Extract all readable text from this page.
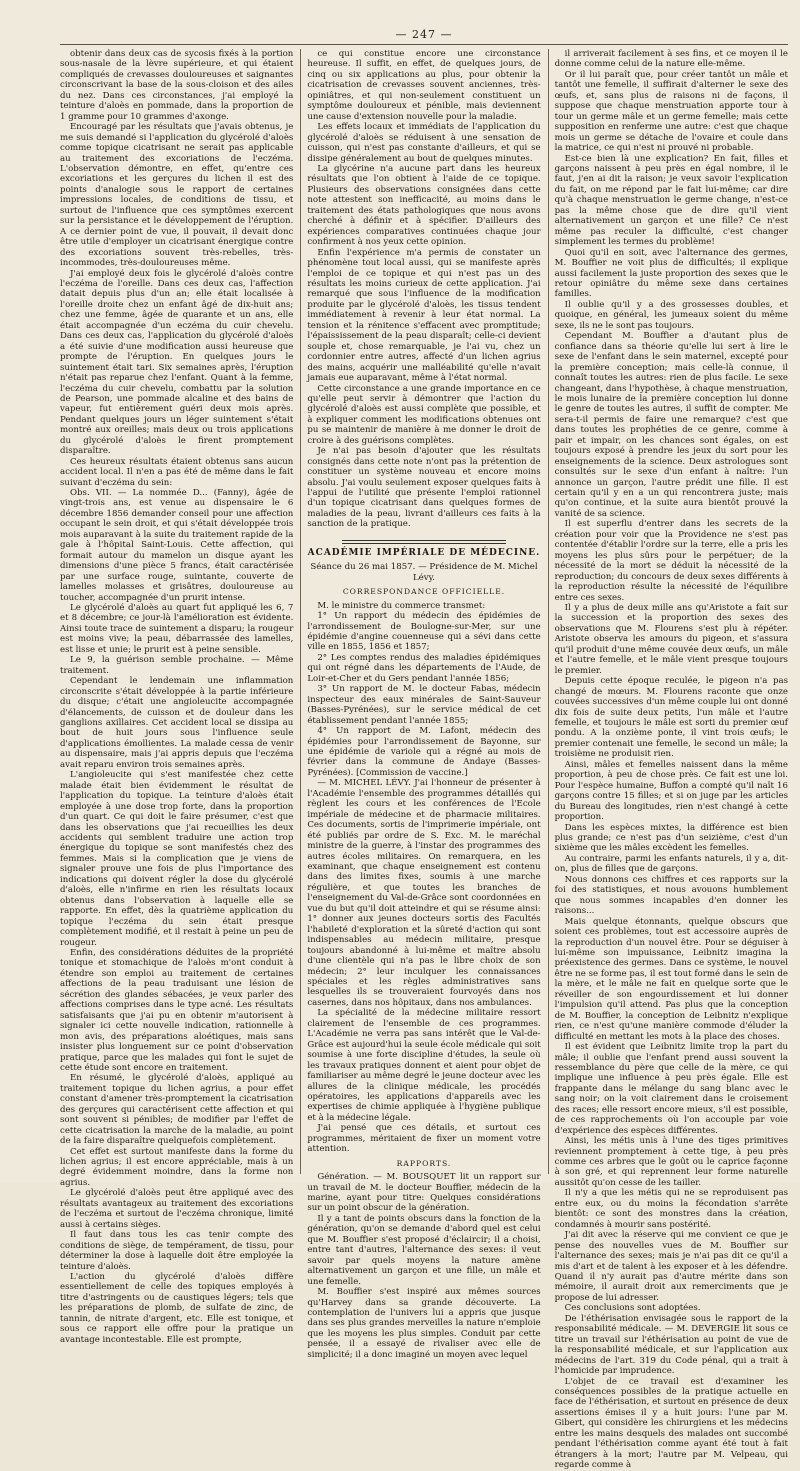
— 247 —

obtenir dans deux cas de sycosis fixés à la portion sous-nasale de la lèvre supérieure, et qui étaient compliqués de crevasses douloureuses et saignantes circonscrivant la base de la sous-cloison et des ailes du nez. Dans ces circonstances, j'ai employé la teinture d'aloès en pommade, dans la proportion de 1 gramme pour 10 grammes d'axonge.

Encouragé par les résultats que j'avais obtenus, je me suis demandé si l'application du glycérolé d'aloès comme topique cicatrisant ne serait pas applicable au traitement des excoriations de l'eczéma. L'observation démontre, en effet, qu'entre ces excoriations et les gerçures du lichen il est des points d'analogie sous le rapport de certaines impressions locales, de conditions de tissu, et surtout de l'influence que ces symptômes exercent sur la persistance et le développement de l'éruption. A ce dernier point de vue, il pouvait, il devait donc être utile d'employer un cicatrisant énergique contre des excoriations souvent très-rebelles, très-incommodes, très-douloureuses même.

J'ai employé deux fois le glycérolé d'aloès contre l'eczéma de l'oreille. Dans ces deux cas, l'affection datait depuis plus d'un an; elle était localisée à l'oreille droite chez un enfant âgé de dix-huit ans; chez une femme, âgée de quarante et un ans, elle était accompagnée d'un eczéma du cuir chevelu. Dans ces deux cas, l'application du glycérolé d'aloès a été suivie d'une modification aussi heureuse que prompte de l'éruption. En quelques jours le suintement était tari. Six semaines après, l'éruption n'était pas reparue chez l'enfant. Quant à la femme, l'eczéma du cuir chevelu, combattu par la solution de Pearson, une pommade alcaline et des bains de vapeur, fut entièrement guéri deux mois après. Pendant quelques jours un léger suintement s'était montré aux oreilles; mais deux ou trois applications du glycérolé d'aloès le firent promptement disparaître.

Ces heureux résultats étaient obtenus sans aucun accident local. Il n'en a pas été de même dans le fait suivant d'eczéma du sein:

Obs. VII. — La nommée D... (Fanny), âgée de vingt-trois ans, est venue au dispensaire le 6 décembre 1856 demander conseil pour une affection occupant le sein droit, et qui s'était développée trois mois auparavant à la suite du traitement rapide de la gale à l'hôpital Saint-Louis. Cette affection, qui formait autour du mamelon un disque ayant les dimensions d'une pièce 5 francs, était caractérisée par une surface rouge, suintante, couverte de lamelles molasses et grisâtres, douloureuse au toucher, accompagnée d'un prurit intense.

Le glycérolé d'aloès au quart fut appliqué les 6, 7 et 8 décembre; ce jour-là l'amélioration est évidente. Ainsi toute trace de suintement a disparu; la rougeur est moins vive; la peau, débarrassée des lamelles, est lisse et unie; le prurit est à peine sensible.

Le 9, la guérison semble prochaine. — Même traitement.

Cependant le lendemain une inflammation circonscrite s'était développée à la partie inférieure du disque; c'était une angioleucite accompagnée d'élancements, de cuisson et de douleur dans les ganglions axillaires. Cet accident local se dissipa au bout de huit jours sous l'influence seule d'applications émollientes. La malade cessa de venir au dispensaire, mais j'ai appris depuis que l'eczéma avait reparu environ trois semaines après.

L'angioleucite qui s'est manifestée chez cette malade était bien évidemment le résultat de l'application du topique. La teinture d'aloès était employée à une dose trop forte, dans la proportion d'un quart. Ce qui doit le faire présumer, c'est que dans les observations que j'ai recueillies les deux accidents qui semblent traduire une action trop énergique du topique se sont manifestés chez des femmes. Mais si la complication que je viens de signaler prouve une fois de plus l'importance des indications qui doivent régler la dose du glycérolé d'aloès, elle n'infirme en rien les résultats locaux obtenus dans l'observation à laquelle elle se rapporte. En effet, dès la quatrième application du topique l'eczéma du sein était presque complètement modifié, et il restait à peine un peu de rougeur.

Enfin, des considérations déduites de la propriété tonique et stomachique de l'aloès m'ont conduit à étendre son emploi au traitement de certaines affections de la peau traduisant une lésion de sécrétion des glandes sébacées, je veux parler des affections comprises dans le type acné. Les résultats satisfaisants que j'ai pu en obtenir m'autorisent à signaler ici cette nouvelle indication, rationnelle à mon avis, des préparations aloétiques, mais sans insister plus longuement sur ce point d'observation pratique, parce que les malades qui font le sujet de cette étude sont encore en traitement.

En résumé, le glycérolé d'aloès, appliqué au traitement topique du lichen agrius, a pour effet constant d'amener très-promptement la cicatrisation des gerçures qui caractérisent cette affection et qui sont souvent si pénibles; de modifier par l'effet de cette cicatrisation la marche de la maladie, au point de la faire disparaître quelquefois complètement.

Cet effet est surtout manifeste dans la forme du lichen agrius; il est encore appréciable, mais à un degré évidemment moindre, dans la forme non agrius.

Le glycérolé d'aloès peut être appliqué avec des résultats avantageux au traitement des excoriations de l'eczéma et surtout de l'eczéma chronique, limité aussi à certains sièges.

Il faut dans tous les cas tenir compte des conditions de siège, de tempérament, de tissu, pour déterminer la dose à laquelle doit être employée la teinture d'aloès.

L'action du glycérolé d'aloès diffère essentiellement de celle des topiques employés à titre d'astringents ou de caustiques légers; tels que les préparations de plomb, de sulfate de zinc, de tannin, de nitrate d'argent, etc. Elle est tonique, et sous ce rapport elle offre pour la pratique un avantage incontestable. Elle est prompte,

ce qui constitue encore une circonstance heureuse. Il suffit, en effet, de quelques jours, de cinq ou six applications au plus, pour obtenir la cicatrisation de crevasses souvent anciennes, très-opiniâtres, et qui non-seulement constituent un symptôme douloureux et pénible, mais deviennent une cause d'extension nouvelle pour la maladie.

Les effets locaux et immédiats de l'application du glycérolé d'aloès se réduisent à une sensation de cuisson, qui n'est pas constante d'ailleurs, et qui se dissipe généralement au bout de quelques minutes.

La glycérine n'a aucune part dans les heureux résultats que l'on obtient à l'aide de ce topique. Plusieurs des observations consignées dans cette note attestent son inefficacité, au moins dans le traitement des états pathologiques que nous avons cherché à définir et à spécifier. D'ailleurs des expériences comparatives continuées chaque jour confirment à nos yeux cette opinion.

Enfin l'expérience m'a permis de constater un phénomène tout local aussi, qui se manifeste après l'emploi de ce topique et qui n'est pas un des résultats les moins curieux de cette application. J'ai remarqué que sous l'influence de la modification produite par le glycérolé d'aloès, les tissus tendent immédiatement à revenir à leur état normal. La tension et la rénitence s'effacent avec promptitude; l'épaississement de la peau disparaît; celle-ci devient souple et, chose remarquable, je l'ai vu, chez un cordonnier entre autres, affecté d'un lichen agrius des mains, acquérir une malléabilité qu'elle n'avait jamais eue auparavant, même à l'état normal.

Cette circonstance a une grande importance en ce qu'elle peut servir à démontrer que l'action du glycérolé d'aloès est aussi complète que possible, et à expliquer comment les modifications obtenues ont pu se maintenir de manière à me donner le droit de croire à des guérisons complètes.

Je n'ai pas besoin d'ajouter que les résultats consignés dans cette note n'ont pas la prétention de constituer un système nouveau et encore moins absolu. J'ai voulu seulement exposer quelques faits à l'appui de l'utilité que présente l'emploi rationnel d'un topique cicatrisant dans quelques formes de maladies de la peau, livrant d'ailleurs ces faits à la sanction de la pratique.

ACADÉMIE IMPÉRIALE DE MÉDECINE.

Séance du 26 mai 1857. — Présidence de M. Michel Lévy.

CORRESPONDANCE OFFICIELLE.

M. le ministre du commerce transmet:

1° Un rapport du médecin des épidémies de l'arrondissement de Boulogne-sur-Mer, sur une épidémie d'angine couenneuse qui a sévi dans cette ville en 1855, 1856 et 1857;

2° Les comptes rendus des maladies épidémiques qui ont régné dans les départements de l'Aude, de Loir-et-Cher et du Gers pendant l'année 1856;

3° Un rapport de M. le docteur Fabas, médecin inspecteur des eaux minérales de Saint-Sauveur (Basses-Pyrénées), sur le service médical de cet établissement pendant l'année 1855;

4° Un rapport de M. Lafont, médecin des épidémies pour l'arrondissement de Bayonne, sur une épidémie de variole qui a régné au mois de février dans la commune de Andaye (Basses-Pyrénées). [Commission de vaccine.]

— M. MICHEL LÉVY. J'ai l'honneur de présenter à l'Académie l'ensemble des programmes détaillés qui règlent les cours et les conférences de l'Ecole impériale de médecine et de pharmacie militaires. Ces documents, sortis de l'imprimerie impériale, ont été publiés par ordre de S. Exc. M. le maréchal ministre de la guerre, à l'instar des programmes des autres écoles militaires. On remarquera, en les examinant, que chaque enseignement est contenu dans des limites fixes, soumis à une marche régulière, et que toutes les branches de l'enseignement du Val-de-Grâce sont coordonnées en vue du but qu'il doit atteindre et qui se résume ainsi: 1° donner aux jeunes docteurs sortis des Facultés l'habileté d'exploration et la sûreté d'action qui sont indispensables au médecin militaire, presque toujours abandonné à lui-même et maître absolu d'une clientèle qui n'a pas le libre choix de son médecin; 2° leur inculquer les connaissances spéciales et les règles administratives sans lesquelles ils se trouveraient fourvoyés dans nos casernes, dans nos hôpitaux, dans nos ambulances.

La spécialité de la médecine militaire ressort clairement de l'ensemble de ces programmes. L'Académie ne verra pas sans intérêt que le Val-de-Grâce est aujourd'hui la seule école médicale qui soit soumise à une forte discipline d'études, la seule où les travaux pratiques donnent et aient pour objet de familiariser au même degré le jeune docteur avec les allures de la clinique médicale, les procédés opératoires, les applications d'appareils avec les expertises de chimie appliquée à l'hygiène publique et à la médecine légale.

J'ai pensé que ces détails, et surtout ces programmes, méritaient de fixer un moment votre attention.

RAPPORTS.

Génération. — M. BOUSQUET lit un rapport sur un travail de M. le docteur Bouffier, médecin de la marine, ayant pour titre: Quelques considérations sur un point obscur de la génération.

Il y a tant de points obscurs dans la fonction de la génération, qu'on se demande d'abord quel est celui que M. Bouffier s'est proposé d'éclaircir; il a choisi, entre tant d'autres, l'alternance des sexes: il veut savoir par quels moyens la nature amène alternativement un garçon et une fille, un mâle et une femelle.

M. Bouffier s'est inspiré aux mêmes sources qu'Harvey dans sa grande découverte. La contemplation de l'univers lui a appris que jusque dans ses plus grandes merveilles la nature n'emploie que les moyens les plus simples. Conduit par cette pensée, il a essayé de rivaliser avec elle de simplicité; il a donc imaginé un moyen avec lequel

il arriverait facilement à ses fins, et ce moyen il le donne comme celui de la nature elle-même.

Or il lui paraît que, pour créer tantôt un mâle et tantôt une femelle, il suffirait d'alterner le sexe des œufs, et, sans plus de raisons ni de façons, il suppose que chaque menstruation apporte tour à tour un germe mâle et un germe femelle; mais cette supposition en renferme une autre: c'est que chaque mois un germe se détache de l'ovaire et coule dans la matrice, ce qui n'est ni prouvé ni probable.

Est-ce bien là une explication? En fait, filles et garçons naissent à peu près en égal nombre, il le faut, j'en ai dit la raison; je veux savoir l'explication du fait, on me répond par le fait lui-même; car dire qu'à chaque menstruation le germe change, n'est-ce pas la même chose que de dire qu'il vient alternativement un garçon et une fille? Ce n'est même pas reculer la difficulté, c'est changer simplement les termes du problème!

Quoi qu'il en soit, avec l'alternance des germes, M. Bouffier ne voit plus de difficultés; il explique aussi facilement la juste proportion des sexes que le retour opiniâtre du même sexe dans certaines familles.

Il oublie qu'il y a des grossesses doubles, et quoique, en général, les jumeaux soient du même sexe, ils ne le sont pas toujours.

Cependant M. Bouffier a d'autant plus de confiance dans sa théorie qu'elle lui sert à lire le sexe de l'enfant dans le sein maternel, excepté pour la première conception; mais celle-là connue, il connaît toutes les autres: rien de plus facile. Le sexe changeant, dans l'hypothèse, à chaque menstruation, le mois lunaire de la première conception lui donne le genre de toutes les autres, il suffit de compter. Me sera-t-il permis de faire une remarque? c'est que dans toutes les prophéties de ce genre, comme à pair et impair, on les chances sont égales, on est toujours exposé à prendre les jeux du sort pour les enseignements de la science. Deux astrologues sont consultés sur le sexe d'un enfant à naître: l'un annonce un garçon, l'autre prédit une fille. Il est certain qu'il y en a un qui rencontrera juste; mais qu'on continue, et la suite aura bientôt prouvé la vanité de sa science.

Il est superflu d'entrer dans les secrets de la création pour voir que la Providence ne s'est pas contentée d'établir l'ordre sur la terre, elle a pris les moyens les plus sûrs pour le perpétuer; de la nécessité de la mort se déduit la nécessité de la reproduction; du concours de deux sexes différents à la reproduction résulte la nécessité de l'équilibre entre ces sexes.

Il y a plus de deux mille ans qu'Aristote a fait sur la succession et la proportion des sexes des observations que M. Flourens s'est plu à répéter. Aristote observa les amours du pigeon, et s'assura qu'il produit d'une même couvée deux œufs, un mâle et l'autre femelle, et le mâle vient presque toujours le premier.

Depuis cette époque reculée, le pigeon n'a pas changé de mœurs. M. Flourens raconte que onze couvées successives d'un même couple lui ont donné dix fois de suite deux petits, l'un mâle et l'autre femelle, et toujours le mâle est sorti du premier œuf pondu. A la onzième ponte, il vint trois œufs; le premier contenait une femelle, le second un mâle; la troisième ne produisit rien.

Ainsi, mâles et femelles naissent dans la même proportion, à peu de chose près. Ce fait est une loi. Pour l'espèce humaine, Buffon a compté qu'il naît 16 garçons contre 15 filles; et si on juge par les articles du Bureau des longitudes, rien n'est changé à cette proportion.

Dans les espèces mixtes, la différence est bien plus grande; ce n'est pas d'un seizième, c'est d'un sixième que les mâles excèdent les femelles.

Au contraire, parmi les enfants naturels, il y a, dit-on, plus de filles que de garçons.

Nous donnons ces chiffres et ces rapports sur la foi des statistiques, et nous avouons humblement que nous sommes incapables d'en donner les raisons...

Mais quelque étonnants, quelque obscurs que soient ces problèmes, tout est accessoire auprès de la reproduction d'un nouvel être. Pour se déguiser à lui-même son impuissance, Leibnitz imagina la préexistence des germes. Dans ce système, le nouvel être ne se forme pas, il est tout formé dans le sein de la mère, et le mâle ne fait en quelque sorte que le réveiller de son engourdissement et lui donner l'impulsion qu'il attend. Pas plus que la conception de M. Bouffier, la conception de Leibnitz n'explique rien, ce n'est qu'une manière commode d'éluder la difficulté en mettant les mots à la place des choses.

Il est évident que Leibnitz limite trop la part du mâle; il oublie que l'enfant prend aussi souvent la ressemblance du père que celle de la mère, ce qui implique une influence à peu près égale. Elle est frappante dans le mélange du sang blanc avec le sang noir; on la voit clairement dans le croisement des races; elle ressort encore mieux, s'il est possible, de ces rapprochements où l'on accouple par voie d'expérience des espèces différentes.

Ainsi, les métis unis à l'une des tiges primitives reviennent promptement à cette tige, à peu près comme ces arbres que le goût ou le caprice façonne à son gré, et qui reprennent leur forme naturelle aussitôt qu'on cesse de les tailler.

Il n'y a que les métis qui ne se reproduisent pas entre eux, ou du moins la fécondation s'arrête bientôt: ce sont des monstres dans la création, condamnés à mourir sans postérité.

J'ai dit avec la réserve qui me convient ce que je pense des nouvelles vues de M. Bouffier sur l'alternance des sexes; mais je n'ai pas dit ce qu'il a mis d'art et de talent à les exposer et à les défendre. Quand il n'y aurait pas d'autre mérite dans son mémoire, il aurait droit aux remerciments que je propose de lui adresser.

Ces conclusions sont adoptées.

De l'éthérisation envisagée sous le rapport de la responsabilité médicale. — M. DEVERGIE lit sous ce titre un travail sur l'éthérisation au point de vue de la responsabilité médicale, et sur l'application aux médecins de l'art. 319 du Code pénal, qui a trait à l'homicide par imprudence.

L'objet de ce travail est d'examiner les conséquences possibles de la pratique actuelle en face de l'éthérisation, et surtout en présence de deux assertions émises il y a huit jours: l'une par M. Gibert, qui considère les chirurgiens et les médecins entre les mains desquels des malades ont succombé pendant l'éthérisation comme ayant été tout à fait étrangers à la mort; l'autre par M. Velpeau, qui regarde comme à
